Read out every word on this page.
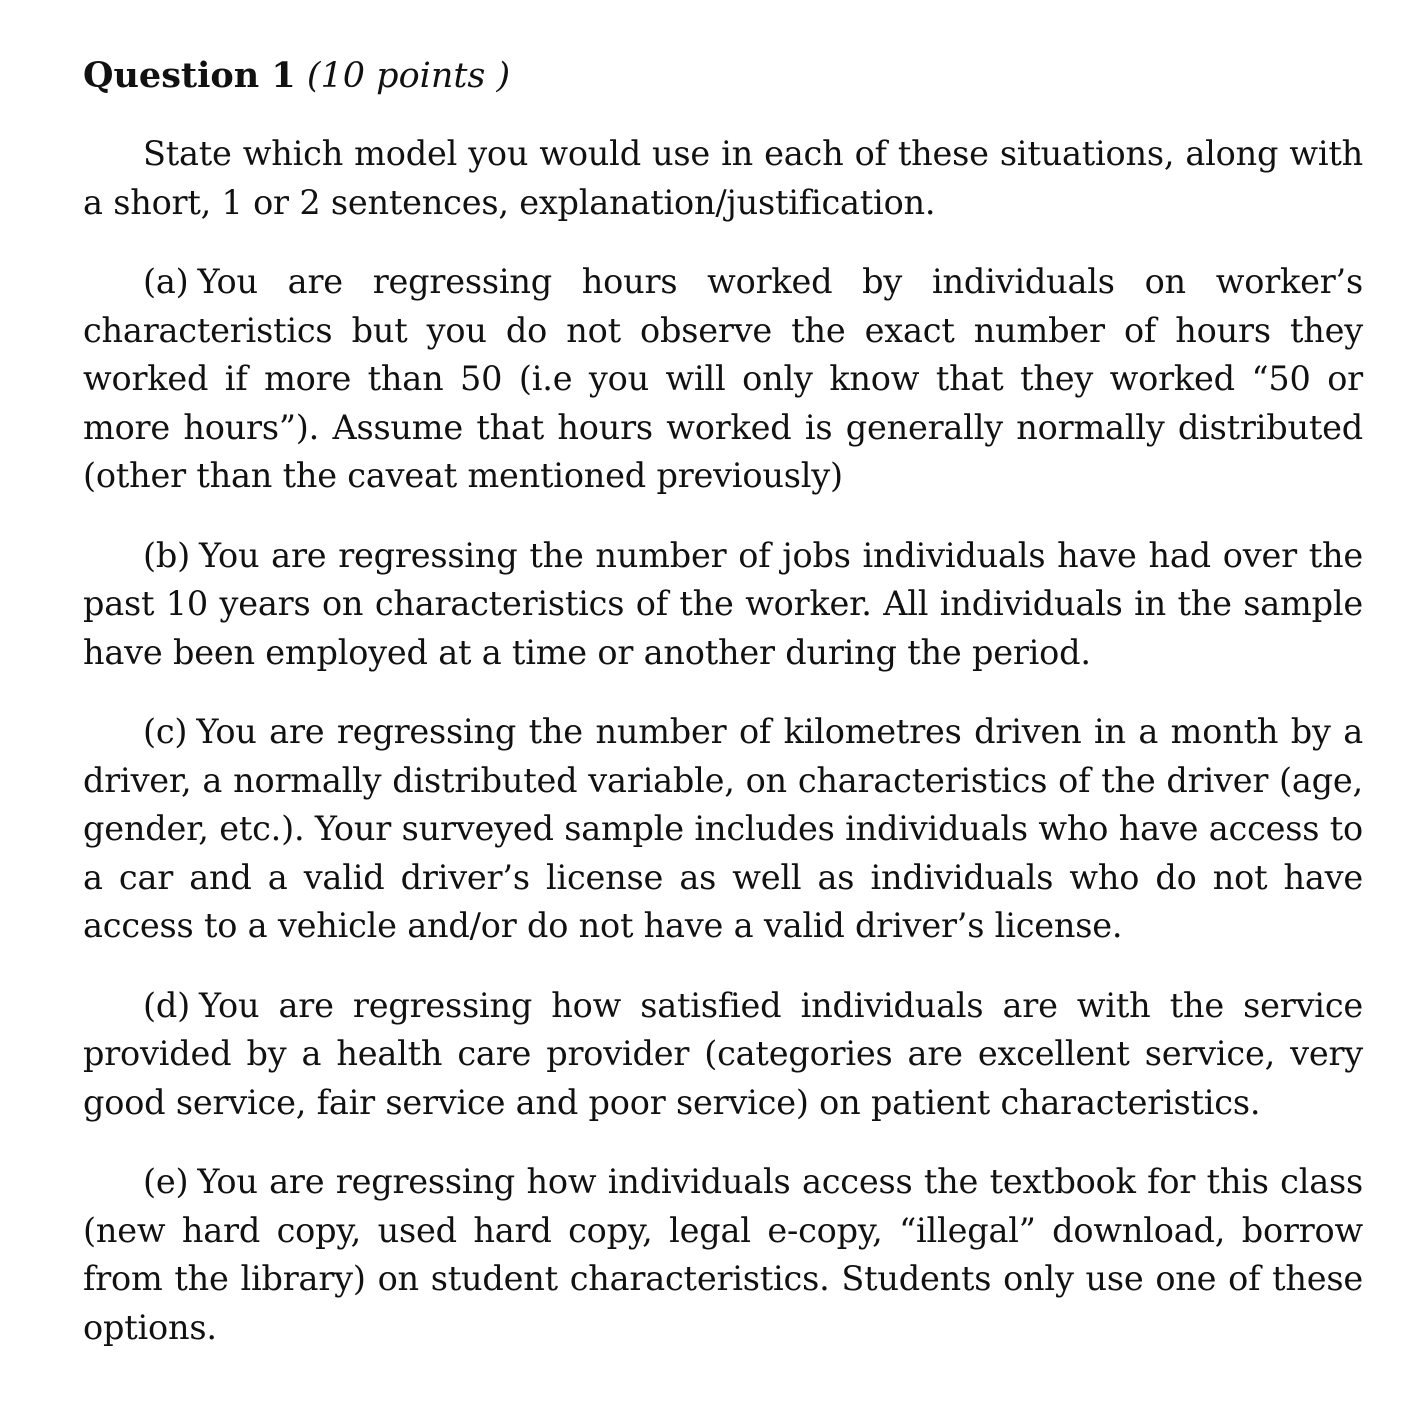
Question 1 (10 points )

State which model you would use in each of these situations, along with a short, 1 or 2 sentences, explanation/justification.

(a) You are regressing hours worked by individuals on worker’s characteristics but you do not observe the exact number of hours they worked if more than 50 (i.e you will only know that they worked “50 or more hours”). Assume that hours worked is generally normally distributed (other than the caveat mentioned previously)

(b) You are regressing the number of jobs individuals have had over the past 10 years on characteristics of the worker. All individuals in the sample have been employed at a time or another during the period.

(c) You are regressing the number of kilometres driven in a month by a driver, a normally distributed variable, on characteristics of the driver (age, gender, etc.). Your surveyed sample includes individuals who have access to a car and a valid driver’s license as well as individuals who do not have access to a vehicle and/or do not have a valid driver’s license.

(d) You are regressing how satisfied individuals are with the service provided by a health care provider (categories are excellent service, very good service, fair service and poor service) on patient characteristics.

(e) You are regressing how individuals access the textbook for this class (new hard copy, used hard copy, legal e-copy, “illegal” download, borrow from the library) on student characteristics. Students only use one of these options.
